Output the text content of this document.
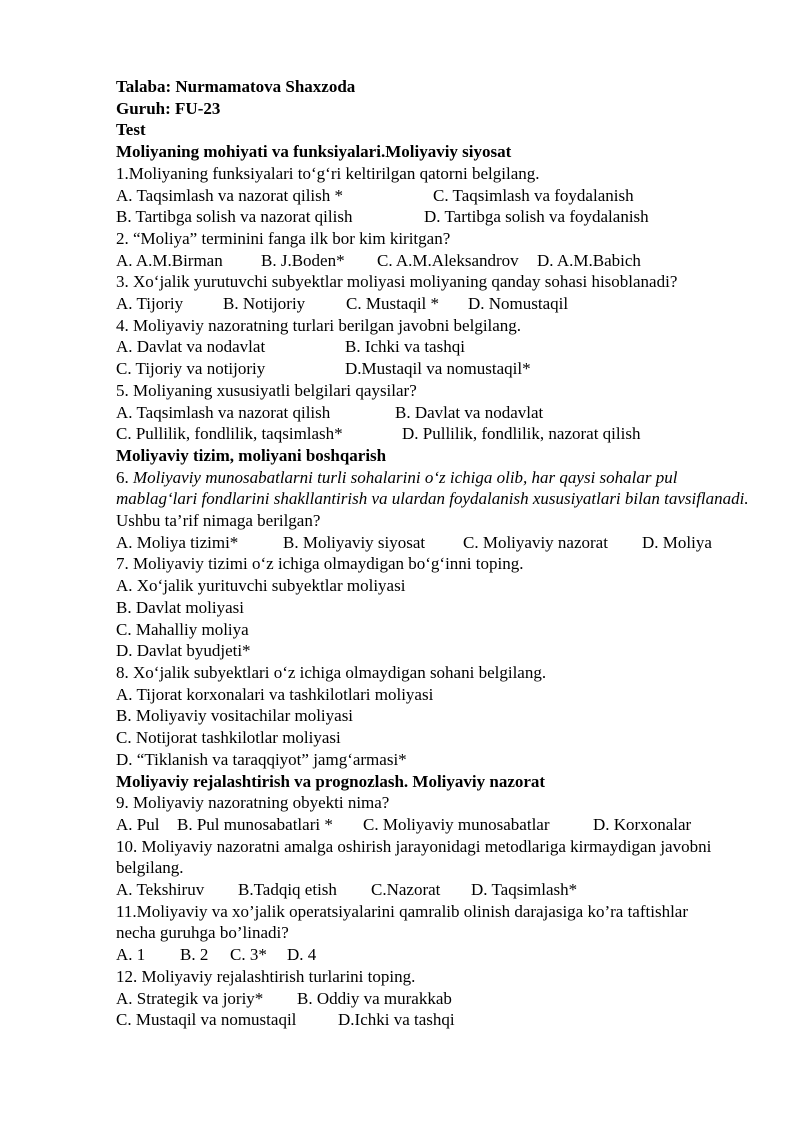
Talaba: Nurmamatova Shaxzoda
Guruh: FU-23
Test
Moliyaning mohiyati va funksiyalari.Moliyaviy siyosat
1.Moliyaning funksiyalari to‘g‘ri keltirilgan qatorni belgilang.
A. Taqsimlash va nazorat qilish *	C. Taqsimlash va foydalanish
B. Tartibga solish va nazorat qilish	D. Tartibga solish va foydalanish
2. “Moliya” terminini fanga ilk bor kim kiritgan?
A. A.M.Birman	B. J.Boden*	C. A.M.Aleksandrov	D. A.M.Babich
3. Xo‘jalik yurutuvchi subyektlar moliyasi moliyaning qanday sohasi hisoblanadi?
A. Tijoriy	B. Notijoriy	C. Mustaqil *	D. Nomustaqil
4. Moliyaviy nazoratning turlari berilgan javobni belgilang.
A. Davlat va nodavlat	B. Ichki va tashqi
C. Tijoriy va notijoriy	D.Mustaqil va nomustaqil*
5. Moliyaning xususiyatli belgilari qaysilar?
A. Taqsimlash va nazorat qilish	B. Davlat va nodavlat
C. Pullilik, fondlilik, taqsimlash*	D. Pullilik, fondlilik, nazorat qilish
Moliyaviy tizim, moliyani boshqarish
6. Moliyaviy munosabatlarni turli sohalarini o‘z ichiga olib, har qaysi sohalar pul mablag‘lari fondlarini shakllantirish va ulardan foydalanish xususiyatlari bilan tavsiflanadi. Ushbu ta’rif nimaga berilgan?
A. Moliya tizimi*	B. Moliyaviy siyosat	C. Moliyaviy nazorat	D. Moliya
7. Moliyaviy tizimi o‘z ichiga olmaydigan bo‘g‘inni toping.
A. Xo‘jalik yurituvchi subyektlar moliyasi
B. Davlat moliyasi
C. Mahalliy moliya
D. Davlat byudjeti*
8. Xo‘jalik subyektlari o‘z ichiga olmaydigan sohani belgilang.
A. Tijorat korxonalari va tashkilotlari moliyasi
B. Moliyaviy vositachilar moliyasi
C. Notijorat tashkilotlar moliyasi
D. “Tiklanish va taraqqiyot” jamg‘armasi*
Moliyaviy rejalashtirish va prognozlash. Moliyaviy nazorat
9. Moliyaviy nazoratning obyekti nima?
A. Pul	B. Pul munosabatlari *	C. Moliyaviy munosabatlar	D. Korxonalar
10. Moliyaviy nazoratni amalga oshirish jarayonidagi metodlariga kirmaydigan javobni belgilang.
A. Tekshiruv	B.Tadqiq etish	C.Nazorat	D. Taqsimlash*
11.Moliyaviy va xo’jalik operatsiyalarini qamralib olinish darajasiga ko’ra taftishlar necha guruhga bo’linadi?
A. 1	B. 2	C. 3*	D. 4
12. Moliyaviy rejalashtirish turlarini toping.
A. Strategik va joriy*	B. Oddiy va murakkab
C. Mustaqil va nomustaqil	D.Ichki va tashqi
